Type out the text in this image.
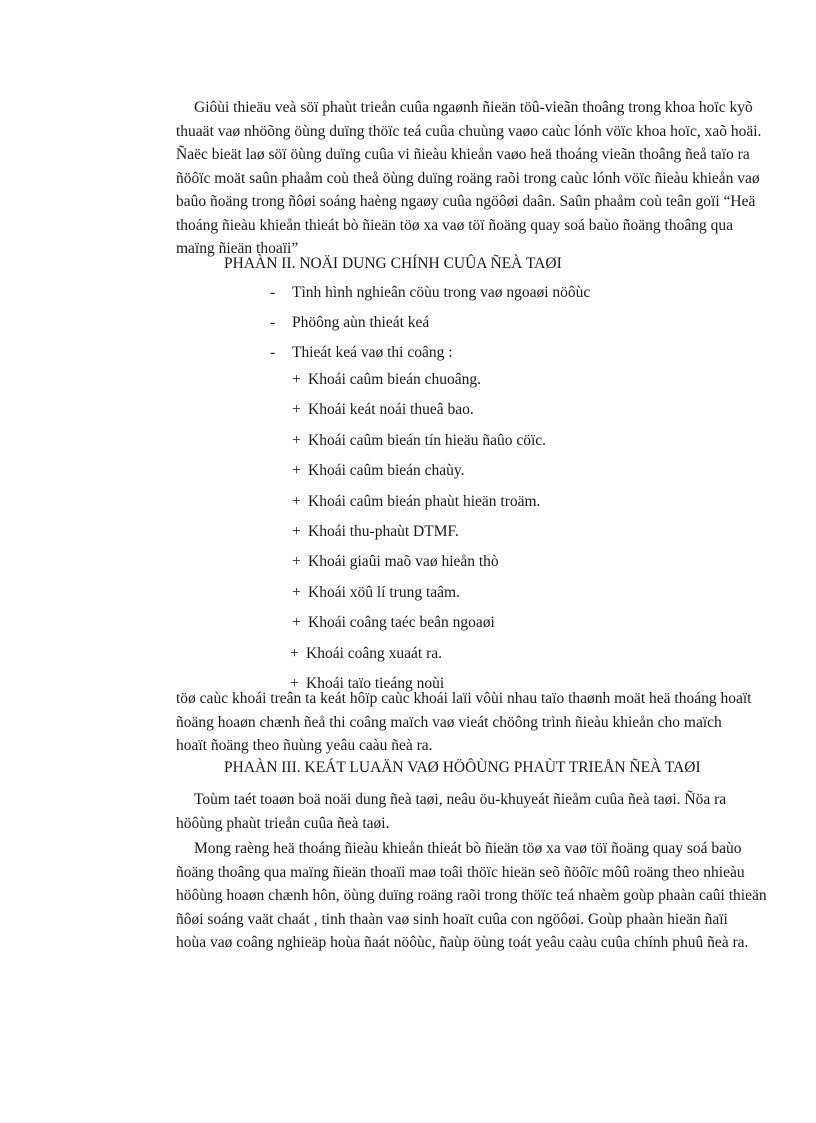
Giôùi thieäu veà söï phaùt trieån cuûa ngaønh ñieän töû-vieãn thoâng trong khoa hoïc kyõ

thuaät vaø nhöõng öùng duïng thöïc teá cuûa chuùng vaøo caùc lónh vöïc khoa hoïc, xaõ hoäi.

Ñaëc bieät laø söï öùng duïng cuûa vi ñieàu khieån vaøo heä thoáng vieãn thoâng ñeå taïo ra

ñöôïc moät saûn phaåm coù theå öùng duïng roäng raõi trong caùc lónh vöïc ñieàu khieån vaø

baûo ñoäng trong ñôøi soáng haèng ngaøy cuûa ngöôøi daân. Saûn phaåm coù teân goïi “Heä

thoáng ñieàu khieån thieát bò ñieän töø xa vaø töï ñoäng quay soá baùo ñoäng thoâng qua

maïng ñieän thoaïi”

PHAÀN II. NOÄI DUNG CHÍNH CUÛA ÑEÀ TAØI

- Tình hình nghieân cöùu trong vaø ngoaøi nöôùc
- Phöông aùn thieát keá
- Thieát keá vaø thi coâng :
+ Khoái caûm bieán chuoâng.
+ Khoái keát noái thueâ bao.
+ Khoái caûm bieán tín hieäu ñaûo cöïc.
+ Khoái caûm bieán chaùy.
+ Khoái caûm bieán phaùt hieän troäm.
+ Khoái thu-phaùt DTMF.
+ Khoái giaûi maõ vaø hieån thò
+ Khoái xöû lí trung taâm.
+ Khoái coâng taéc beân ngoaøi
+ Khoái coâng xuaát ra.
+ Khoái taïo tieáng noùi

töø caùc khoái treân ta keát hôïp caùc khoái laïi vôùi nhau taïo thaønh moät heä thoáng hoaït

ñoäng hoaøn chænh ñeå thi coâng maïch vaø vieát chöông trình ñieàu khieån cho maïch

hoaït ñoäng theo ñuùng yeâu caàu ñeà ra.

PHAÀN III. KEÁT LUAÄN VAØ HÖÔÙNG PHAÙT TRIEÅN ÑEÀ TAØI

Toùm taét toaøn boä noäi dung ñeà taøi, neâu öu-khuyeát ñieåm cuûa ñeà taøi. Ñöa ra

höôùng phaùt trieån cuûa ñeà taøi.

Mong raèng heä thoáng ñieàu khieån thieát bò ñieän töø xa vaø töï ñoäng quay soá baùo

ñoäng thoâng qua maïng ñieän thoaïi maø toâi thöïc hieän seõ ñöôïc môû roäng theo nhieàu

höôùng hoaøn chænh hôn, öùng duïng roäng raõi trong thöïc teá nhaèm goùp phaàn caûi thieän

ñôøi soáng vaät chaát , tinh thaàn vaø sinh hoaït cuûa con ngöôøi. Goùp phaàn hieän ñaïi

hoùa vaø coâng nghieäp hoùa ñaát nöôùc, ñaùp öùng toát yeâu caàu cuûa chính phuû ñeà ra.
